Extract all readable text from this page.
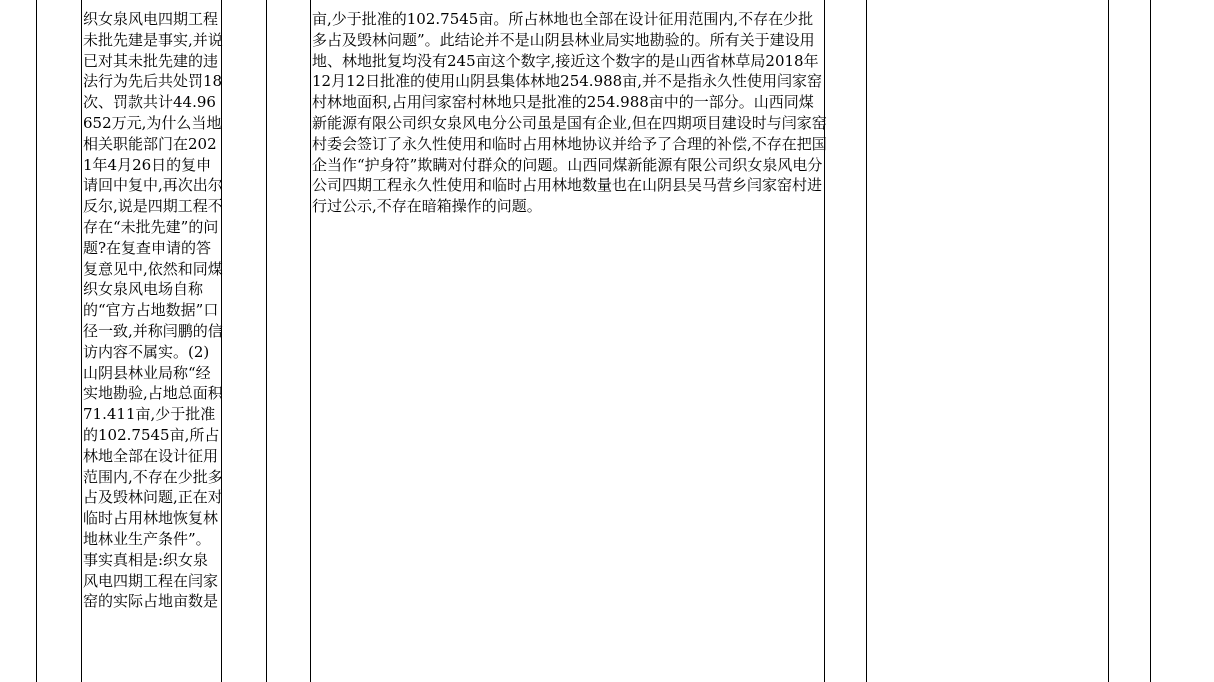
织女泉风电四期工程未批先建是事实,并说已对其未批先建的违法行为先后共处罚18次、罚款共计44.96652万元,为什么当地相关职能部门在2021年4月26日的复申请回中复中,再次出尔反尔,说是四期工程不存在“未批先建”的问题?在复查申请的答复意见中,依然和同煤织女泉风电场自称的“官方占地数据”口径一致,并称闫鹏的信访内容不属实。(2)山阴县林业局称“经实地勘验,占地总面积71.411亩,少于批准的102.7545亩,所占林地全部在设计征用范围内,不存在少批多占及毁林问题,正在对临时占用林地恢复林地林业生产条件”。事实真相是:织女泉风电四期工程在闫家窑的实际占地亩数是
亩,少于批准的102.7545亩。所占林地也全部在设计征用范围内,不存在少批多占及毁林问题”。此结论并不是山阴县林业局实地勘验的。所有关于建设用地、林地批复均没有245亩这个数字,接近这个数字的是山西省林草局2018年12月12日批准的使用山阴县集体林地254.988亩,并不是指永久性使用闫家窑村林地面积,占用闫家窑村林地只是批准的254.988亩中的一部分。山西同煤新能源有限公司织女泉风电分公司虽是国有企业,但在四期项目建设时与闫家窑村委会签订了永久性使用和临时占用林地协议并给予了合理的补偿,不存在把国企当作“护身符”欺瞒对付群众的问题。山西同煤新能源有限公司织女泉风电分公司四期工程永久性使用和临时占用林地数量也在山阴县吴马营乡闫家窑村进行过公示,不存在暗箱操作的问题。
